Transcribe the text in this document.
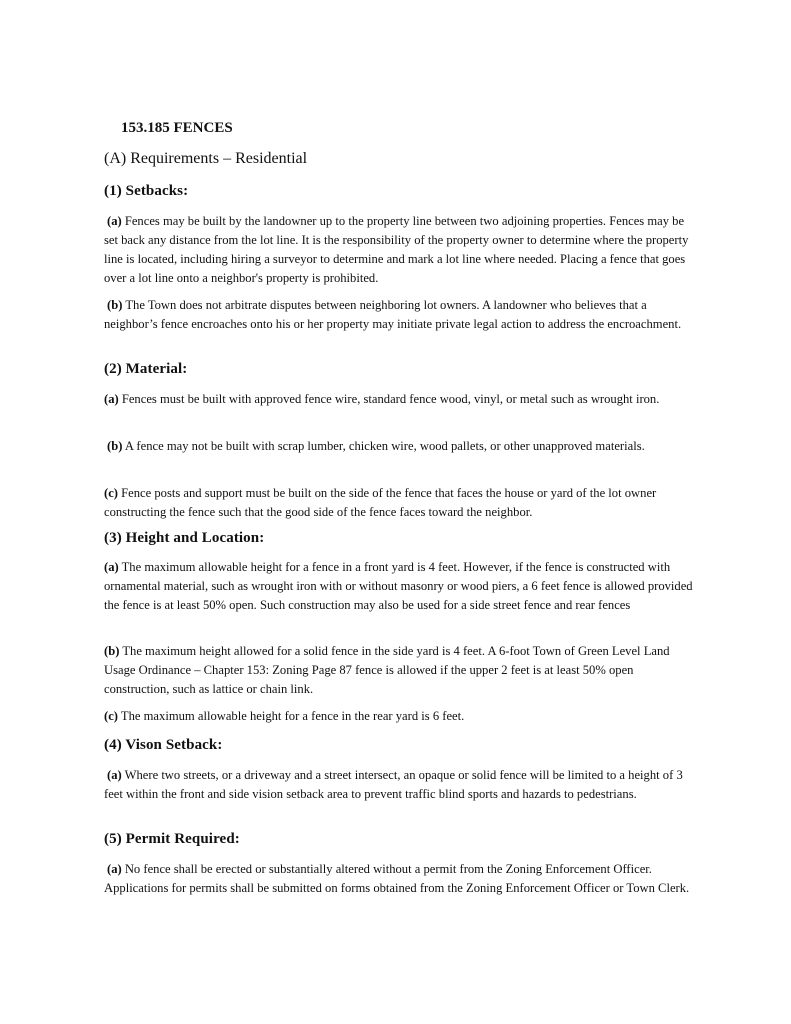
153.185 FENCES

(A) Requirements – Residential

(1) Setbacks:

(a) Fences may be built by the landowner up to the property line between two adjoining properties. Fences may be set back any distance from the lot line. It is the responsibility of the property owner to determine where the property line is located, including hiring a surveyor to determine and mark a lot line where needed. Placing a fence that goes over a lot line onto a neighbor's property is prohibited.

(b) The Town does not arbitrate disputes between neighboring lot owners. A landowner who believes that a neighbor’s fence encroaches onto his or her property may initiate private legal action to address the encroachment.

(2) Material:

(a) Fences must be built with approved fence wire, standard fence wood, vinyl, or metal such as wrought iron.

(b) A fence may not be built with scrap lumber, chicken wire, wood pallets, or other unapproved materials.

(c) Fence posts and support must be built on the side of the fence that faces the house or yard of the lot owner constructing the fence such that the good side of the fence faces toward the neighbor.

(3) Height and Location:

(a) The maximum allowable height for a fence in a front yard is 4 feet. However, if the fence is constructed with ornamental material, such as wrought iron with or without masonry or wood piers, a 6 feet fence is allowed provided the fence is at least 50% open. Such construction may also be used for a side street fence and rear fences

(b) The maximum height allowed for a solid fence in the side yard is 4 feet. A 6-foot Town of Green Level Land Usage Ordinance – Chapter 153: Zoning Page 87 fence is allowed if the upper 2 feet is at least 50% open construction, such as lattice or chain link.

(c) The maximum allowable height for a fence in the rear yard is 6 feet.

(4) Vison Setback:

(a) Where two streets, or a driveway and a street intersect, an opaque or solid fence will be limited to a height of 3 feet within the front and side vision setback area to prevent traffic blind sports and hazards to pedestrians.

(5) Permit Required:

(a) No fence shall be erected or substantially altered without a permit from the Zoning Enforcement Officer. Applications for permits shall be submitted on forms obtained from the Zoning Enforcement Officer or Town Clerk.
